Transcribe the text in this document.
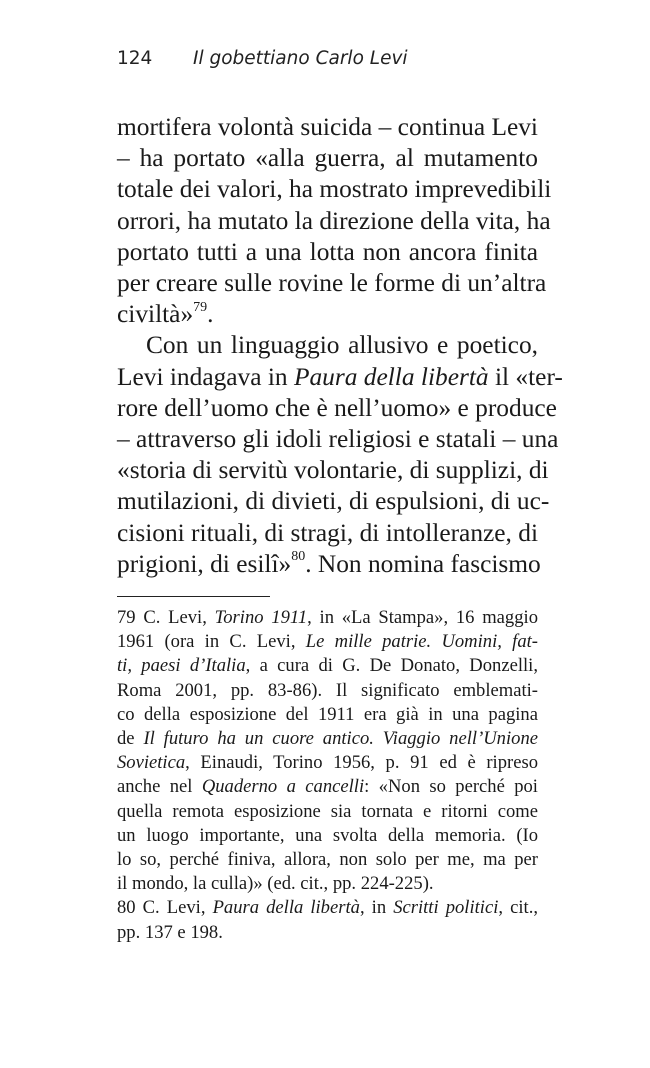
124 Il gobettiano Carlo Levi

mortifera volontà suicida – continua Levi
– ha portato «alla guerra, al mutamento
totale dei valori, ha mostrato imprevedibili
orrori, ha mutato la direzione della vita, ha
portato tutti a una lotta non ancora finita
per creare sulle rovine le forme di un’altra
civiltà»$^{79}$.

Con un linguaggio allusivo e poetico,
Levi indagava in Paura della libertà il «ter-
rore dell’uomo che è nell’uomo» e produce
– attraverso gli idoli religiosi e statali – una
«storia di servitù volontarie, di supplizi, di
mutilazioni, di divieti, di espulsioni, di uc-
cisioni rituali, di stragi, di intolleranze, di
prigioni, di esilî»$^{80}$. Non nomina fascismo

79 C. Levi, Torino 1911, in «La Stampa», 16 maggio
1961 (ora in C. Levi, Le mille patrie. Uomini, fat-
ti, paesi d’Italia, a cura di G. De Donato, Donzelli,
Roma 2001, pp. 83-86). Il significato emblemati-
co della esposizione del 1911 era già in una pagina
de Il futuro ha un cuore antico. Viaggio nell’Unione
Sovietica, Einaudi, Torino 1956, p. 91 ed è ripreso
anche nel Quaderno a cancelli: «Non so perché poi
quella remota esposizione sia tornata e ritorni come
un luogo importante, una svolta della memoria. (Io
lo so, perché finiva, allora, non solo per me, ma per
il mondo, la culla)» (ed. cit., pp. 224-225).

80 C. Levi, Paura della libertà, in Scritti politici, cit.,
pp. 137 e 198.
